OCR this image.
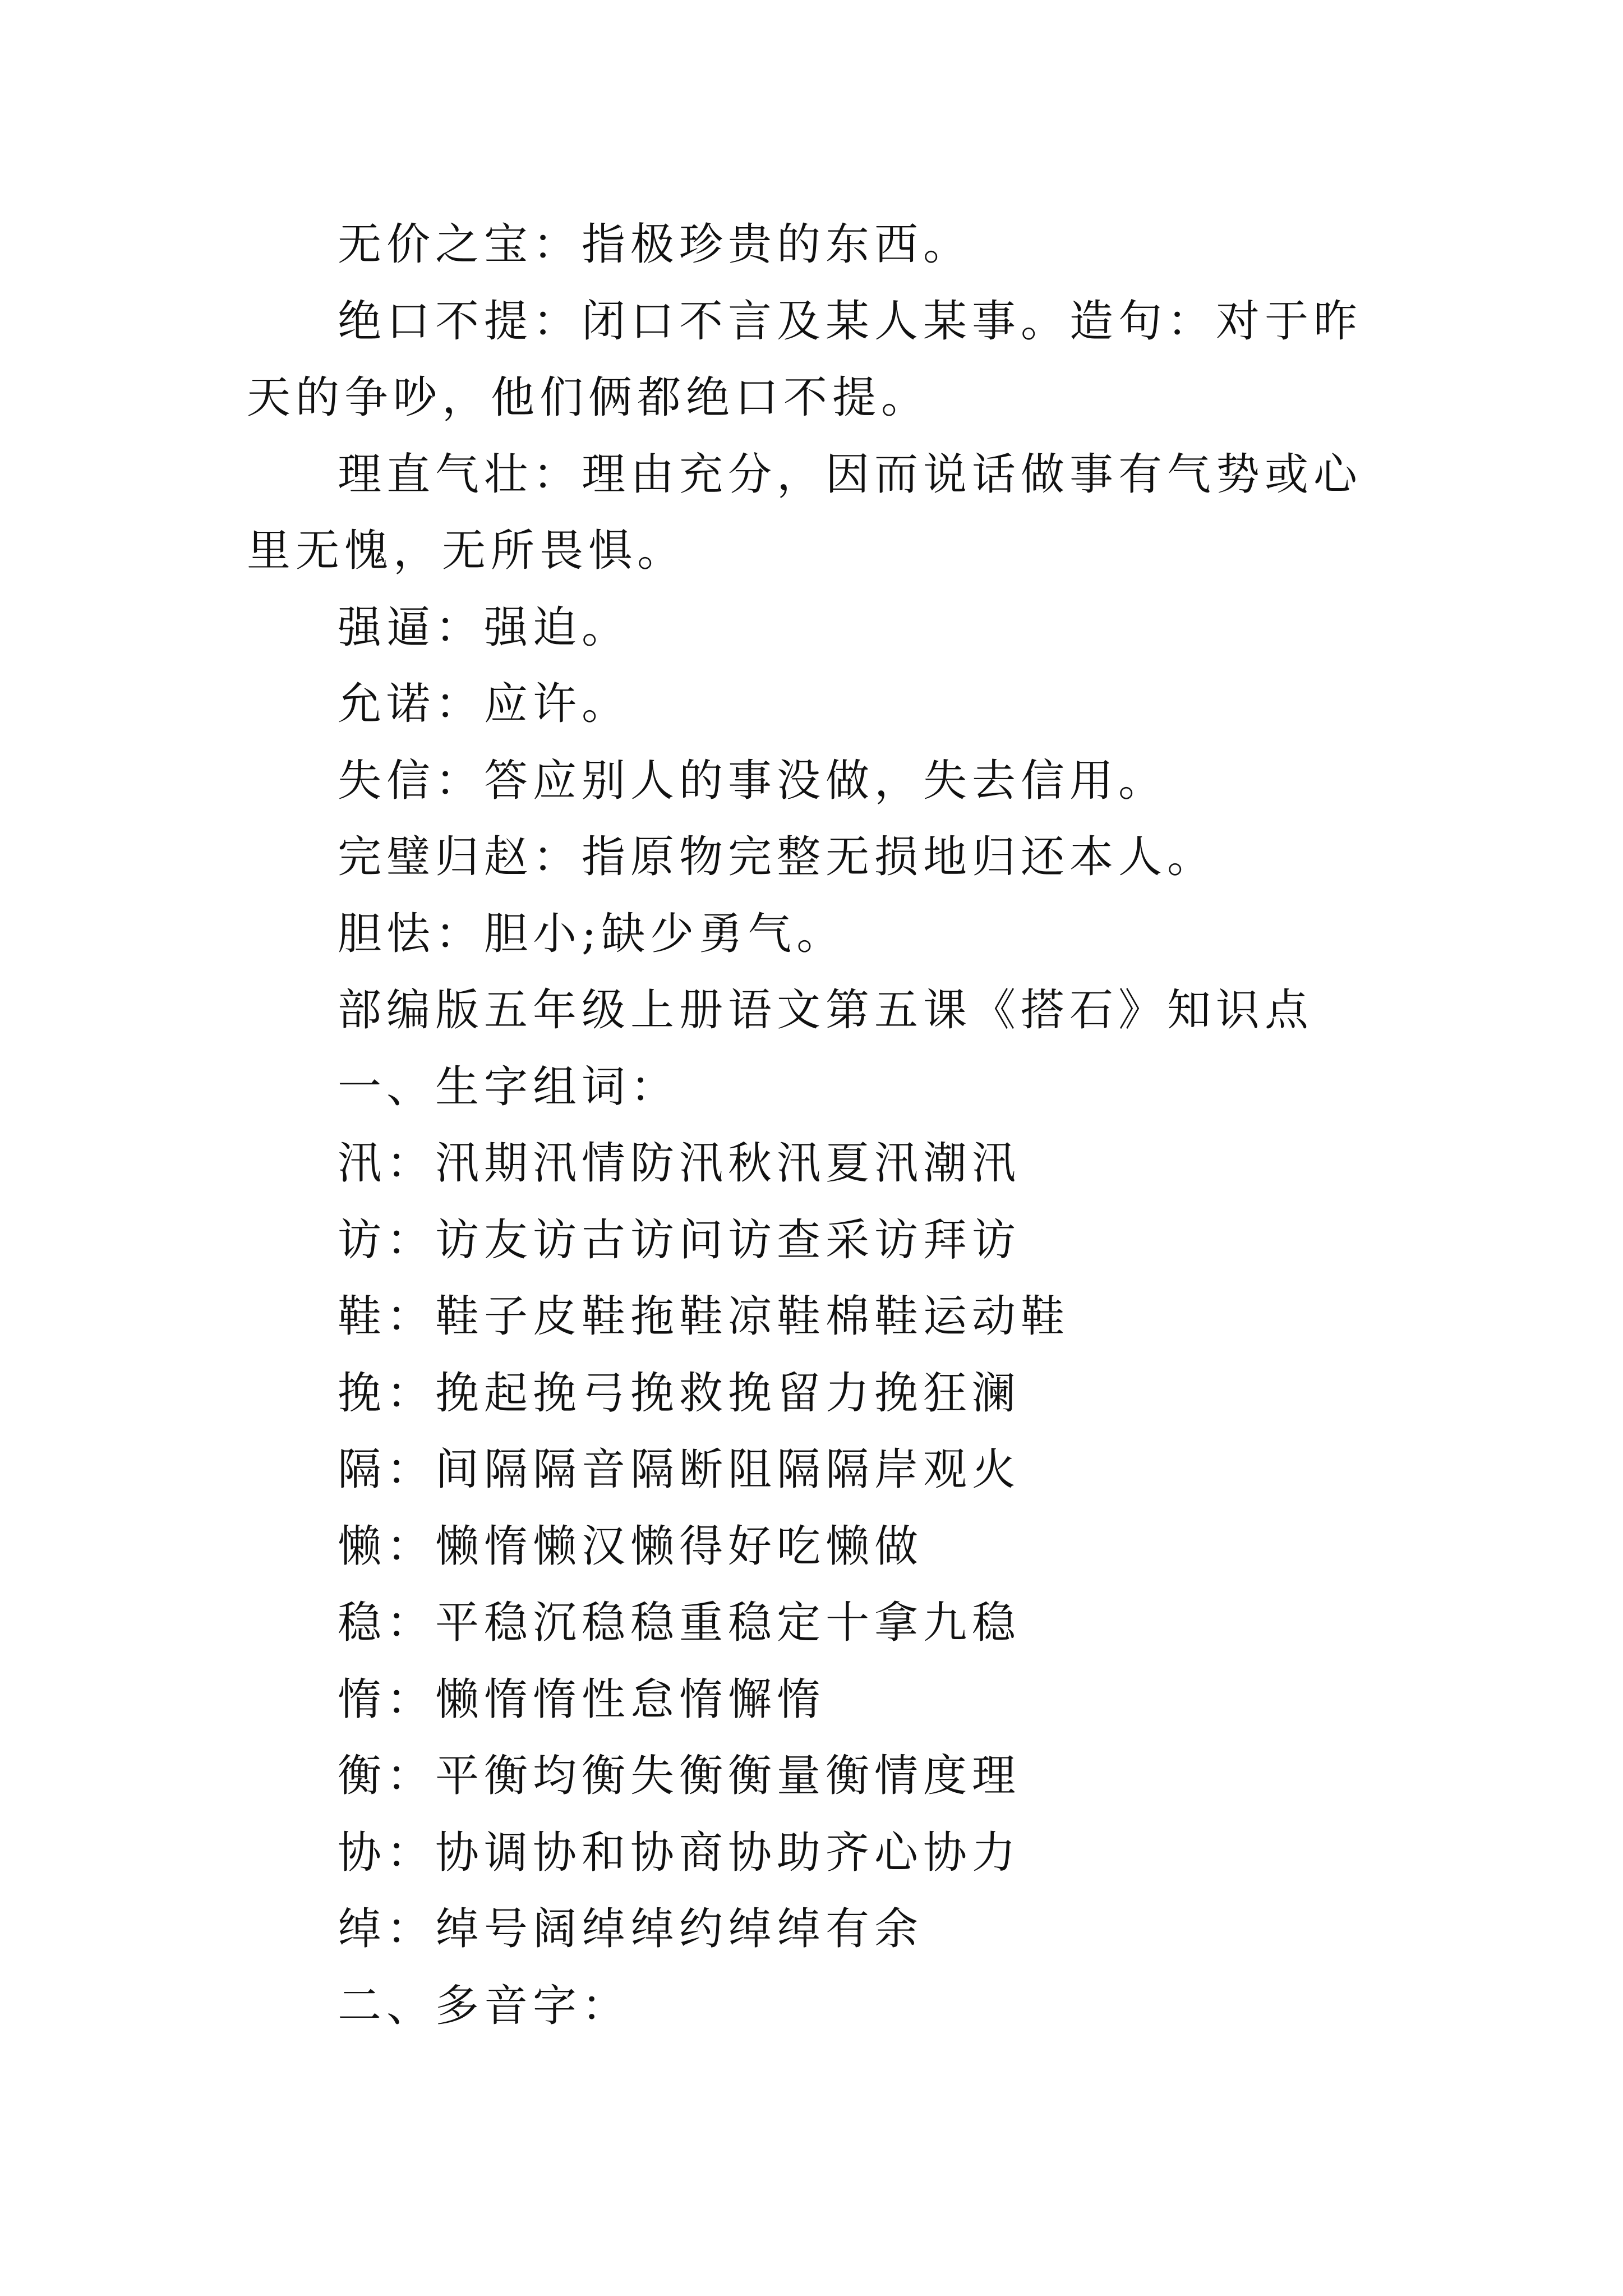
无价之宝：指极珍贵的东西。

绝口不提：闭口不言及某人某事。造句：对于昨天的争吵，他们俩都绝口不提。

理直气壮：理由充分，因而说话做事有气势或心里无愧，无所畏惧。

强逼：强迫。

允诺：应许。

失信：答应别人的事没做，失去信用。

完璧归赵：指原物完整无损地归还本人。

胆怯：胆小;缺少勇气。

部编版五年级上册语文第五课《搭石》知识点

一、生字组词：

汛：汛期汛情防汛秋汛夏汛潮汛

访：访友访古访问访查采访拜访

鞋：鞋子皮鞋拖鞋凉鞋棉鞋运动鞋

挽：挽起挽弓挽救挽留力挽狂澜

隔：间隔隔音隔断阻隔隔岸观火

懒：懒惰懒汉懒得好吃懒做

稳：平稳沉稳稳重稳定十拿九稳

惰：懒惰惰性怠惰懈惰

衡：平衡均衡失衡衡量衡情度理

协：协调协和协商协助齐心协力

绰：绰号阔绰绰约绰绰有余

二、多音字：
